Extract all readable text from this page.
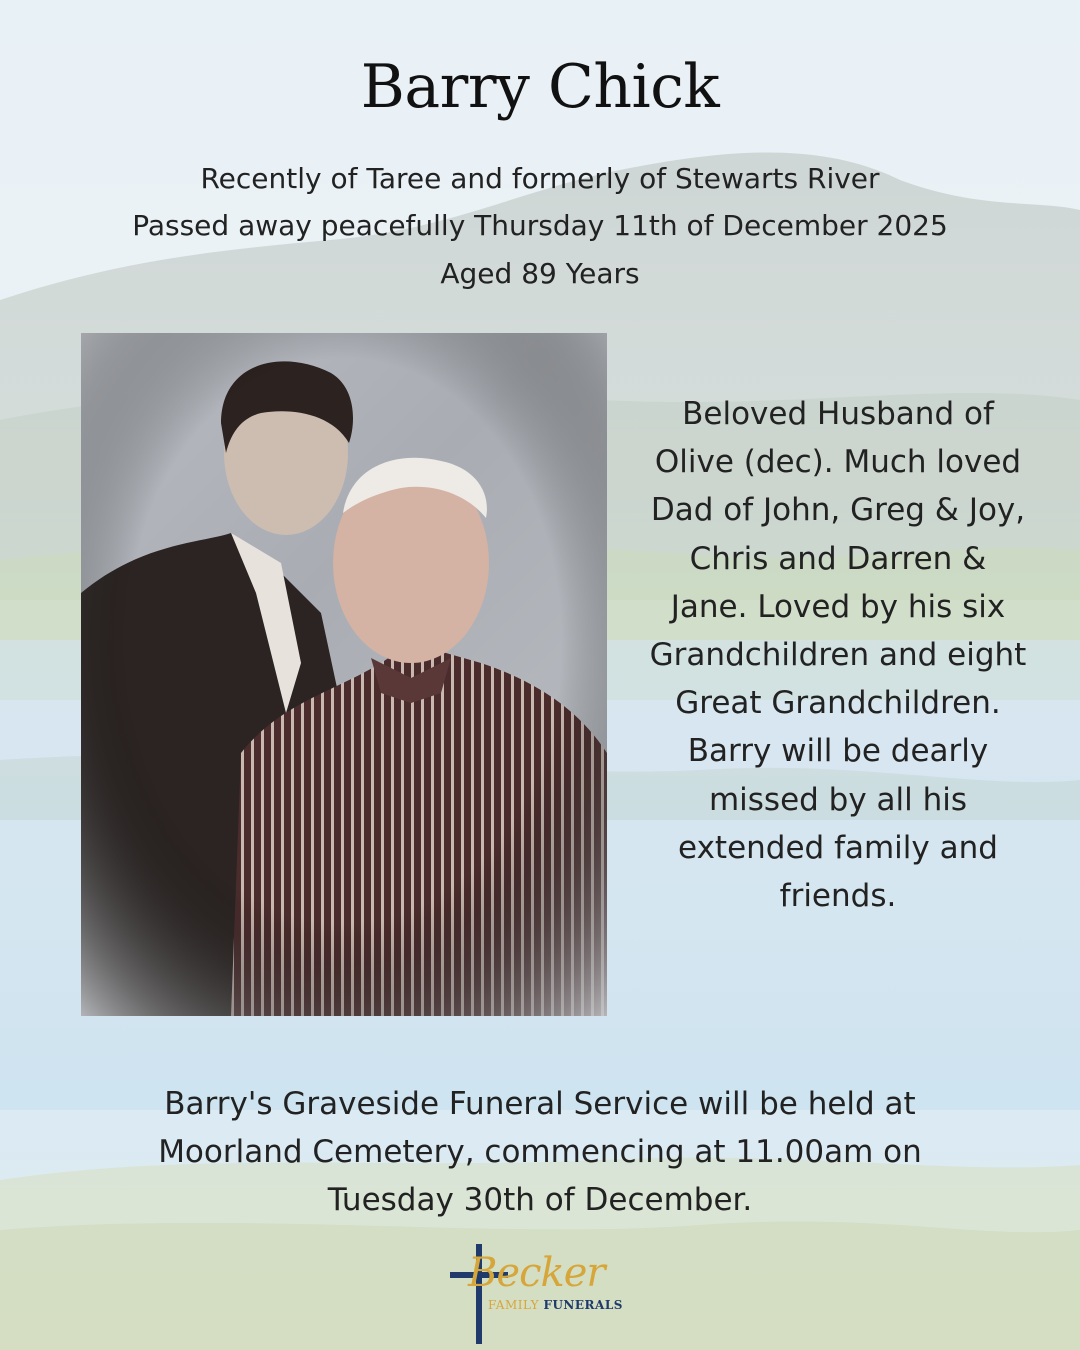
Barry Chick
Recently of Taree and formerly of Stewarts River
Passed away peacefully Thursday 11th of December 2025
Aged 89 Years
Beloved Husband of Olive (dec). Much loved Dad of John, Greg & Joy, Chris and Darren & Jane. Loved by his six Grandchildren and eight Great Grandchildren. Barry will be dearly missed by all his extended family and friends.
Barry's Graveside Funeral Service will be held at
Moorland Cemetery, commencing at 11.00am on
Tuesday 30th of December.
Becker
FAMILY FUNERALS
